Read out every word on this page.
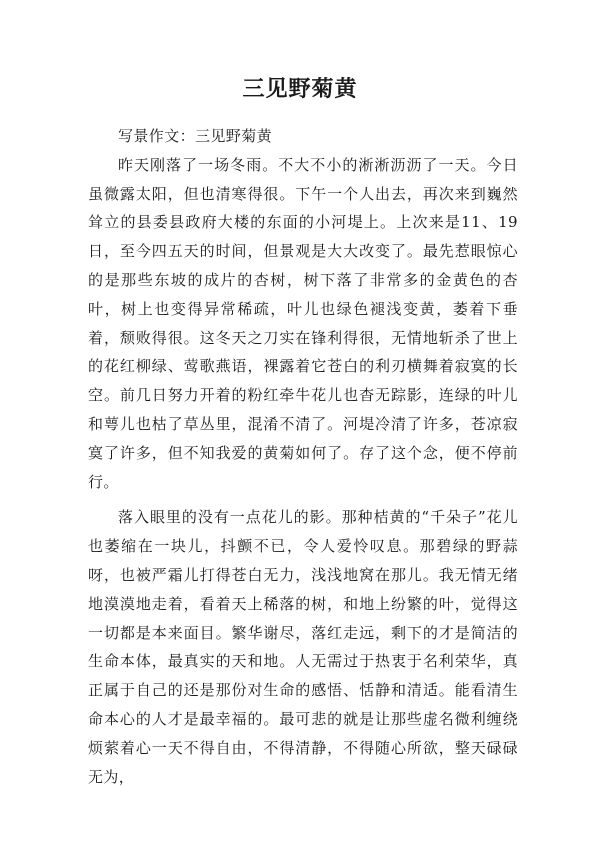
三见野菊黄

写景作文：三见野菊黄

昨天刚落了一场冬雨。不大不小的淅淅沥沥了一天。今日虽微露太阳，但也清寒得很。下午一个人出去，再次来到巍然耸立的县委县政府大楼的东面的小河堤上。上次来是11、19日，至今四五天的时间，但景观是大大改变了。最先惹眼惊心的是那些东坡的成片的杏树，树下落了非常多的金黄色的杏叶，树上也变得异常稀疏，叶儿也绿色褪浅变黄，萎着下垂着，颓败得很。这冬天之刀实在锋利得很，无情地斩杀了世上的花红柳绿、莺歌燕语，裸露着它苍白的利刃横舞着寂寞的长空。前几日努力开着的粉红牵牛花儿也杳无踪影，连绿的叶儿和萼儿也枯了草丛里，混淆不清了。河堤冷清了许多，苍凉寂寞了许多，但不知我爱的黄菊如何了。存了这个念，便不停前行。

落入眼里的没有一点花儿的影。那种桔黄的“千朵子”花儿也萎缩在一块儿，抖颤不已，令人爱怜叹息。那碧绿的野蒜呀，也被严霜儿打得苍白无力，浅浅地窝在那儿。我无情无绪地漠漠地走着，看着天上稀落的树，和地上纷繁的叶，觉得这一切都是本来面目。繁华谢尽，落红走远，剩下的才是简洁的生命本体，最真实的天和地。人无需过于热衷于名利荣华，真正属于自己的还是那份对生命的感悟、恬静和清适。能看清生命本心的人才是最幸福的。最可悲的就是让那些虚名微利缠绕烦萦着心一天不得自由，不得清静，不得随心所欲，整天碌碌无为，
